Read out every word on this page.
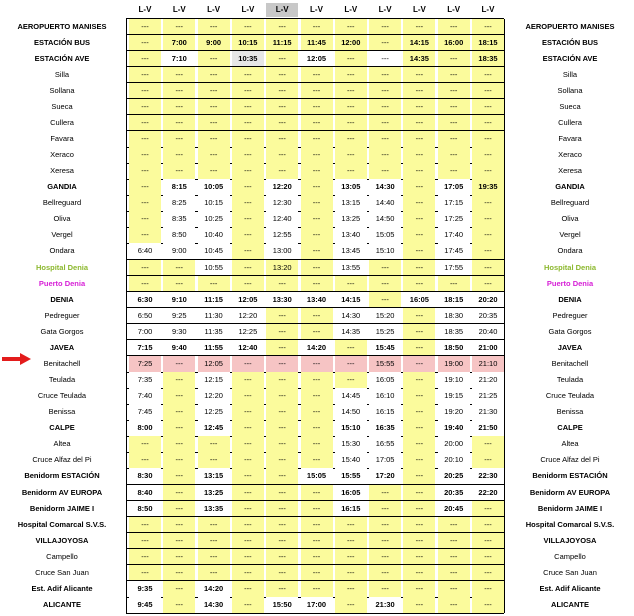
L-V	L-V	L-V	L-V	L-V	L-V	L-V	L-V	L-V	L-V	L-V
AEROPUERTO MANISES	---	---	---	---	---	---	---	---	---	---	---	AEROPUERTO MANISES
ESTACIÓN BUS	---	7:00	9:00	10:15	11:15	11:45	12:00	---	14:15	16:00	18:15	ESTACIÓN BUS
ESTACIÓN AVE	---	7:10	---	10:35	---	12:05	---	---	14:35	---	18:35	ESTACIÓN AVE
Silla	---	---	---	---	---	---	---	---	---	---	---	Silla
Sollana	---	---	---	---	---	---	---	---	---	---	---	Sollana
Sueca	---	---	---	---	---	---	---	---	---	---	---	Sueca
Cullera	---	---	---	---	---	---	---	---	---	---	---	Cullera
Favara	---	---	---	---	---	---	---	---	---	---	---	Favara
Xeraco	---	---	---	---	---	---	---	---	---	---	---	Xeraco
Xeresa	---	---	---	---	---	---	---	---	---	---	---	Xeresa
GANDIA	---	8:15	10:05	---	12:20	---	13:05	14:30	---	17:05	19:35	GANDIA
Bellreguard	---	8:25	10:15	---	12:30	---	13:15	14:40	---	17:15	---	Bellreguard
Oliva	---	8:35	10:25	---	12:40	---	13:25	14:50	---	17:25	---	Oliva
Vergel	---	8:50	10:40	---	12:55	---	13:40	15:05	---	17:40	---	Vergel
Ondara	6:40	9:00	10:45	---	13:00	---	13:45	15:10	---	17:45	---	Ondara
Hospital Denia	---	---	10:55	---	13:20	---	13:55	---	---	17:55	---	Hospital Denia
Puerto Denia	---	---	---	---	---	---	---	---	---	---	---	Puerto Denia
DENIA	6:30	9:10	11:15	12:05	13:30	13:40	14:15	---	16:05	18:15	20:20	DENIA
Pedreguer	6:50	9:25	11:30	12:20	---	---	14:30	15:20	---	18:30	20:35	Pedreguer
Gata Gorgos	7:00	9:30	11:35	12:25	---	---	14:35	15:25	---	18:35	20:40	Gata Gorgos
JAVEA	7:15	9:40	11:55	12:40	---	14:20	---	15:45	---	18:50	21:00	JAVEA
Benitachell	7:25	---	12:05	---	---	---	---	15:55	---	19:00	21:10	Benitachell
Teulada	7:35	---	12:15	---	---	---	---	16:05	---	19:10	21:20	Teulada
Cruce Teulada	7:40	---	12:20	---	---	---	14:45	16:10	---	19:15	21:25	Cruce Teulada
Benissa	7:45	---	12:25	---	---	---	14:50	16:15	---	19:20	21:30	Benissa
CALPE	8:00	---	12:45	---	---	---	15:10	16:35	---	19:40	21:50	CALPE
Altea	---	---	---	---	---	---	15:30	16:55	---	20:00	---	Altea
Cruce Alfaz del Pi	---	---	---	---	---	---	15:40	17:05	---	20:10	---	Cruce Alfaz del Pi
Benidorm ESTACIÓN	8:30	---	13:15	---	---	15:05	15:55	17:20	---	20:25	22:30	Benidorm ESTACIÓN
Benidorm AV EUROPA	8:40	---	13:25	---	---	---	16:05	---	---	20:35	22:20	Benidorm AV EUROPA
Benidorm JAIME I	8:50	---	13:35	---	---	---	16:15	---	---	20:45	---	Benidorm JAIME I
Hospital Comarcal S.V.S.	---	---	---	---	---	---	---	---	---	---	---	Hospital Comarcal S.V.S.
VILLAJOYOSA	---	---	---	---	---	---	---	---	---	---	---	VILLAJOYOSA
Campello	---	---	---	---	---	---	---	---	---	---	---	Campello
Cruce San Juan	---	---	---	---	---	---	---	---	---	---	---	Cruce San Juan
Est. Adif Alicante	9:35	---	14:20	---	---	---	---	---	---	---	---	Est. Adif Alicante
ALICANTE	9:45	---	14:30	---	15:50	17:00	---	21:30	---	---	---	ALICANTE
